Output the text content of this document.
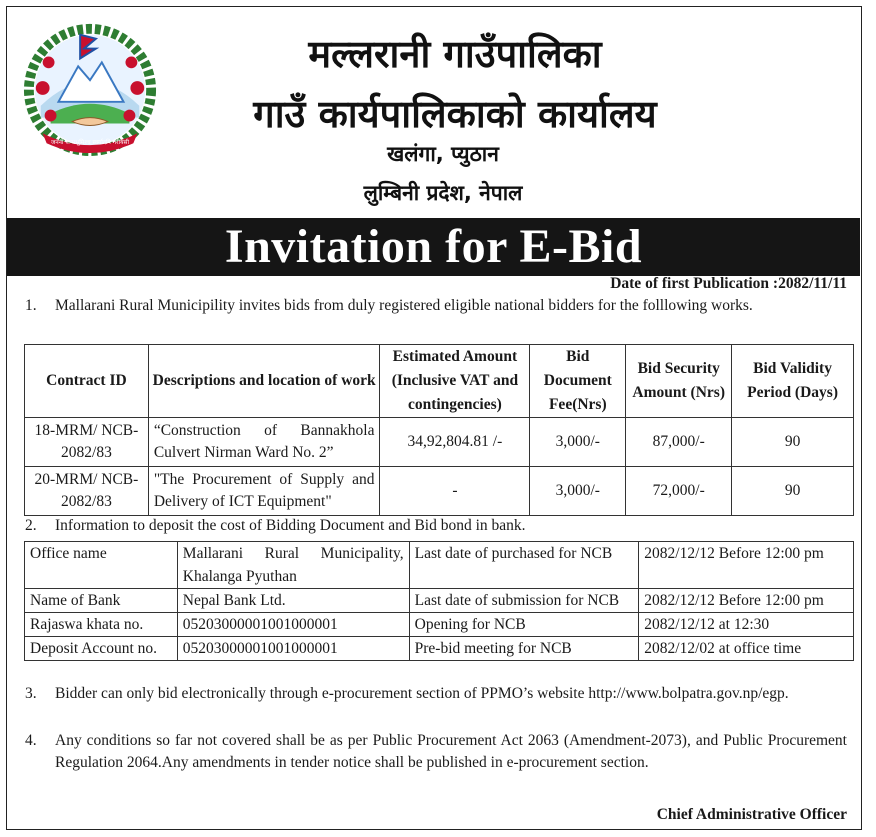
जननी जन्मभूमिश्च स्वर्गादपि गरीयसी
मल्लरानी गाउँपालिका
गाउँ कार्यपालिकाको कार्यालय
खलंगा, प्युठान
लुम्बिनी प्रदेश, नेपाल
Invitation for E-Bid
Date of first Publication :2082/11/11
1. Mallarani Rural Municipility invites bids from duly registered eligible national bidders for the folllowing works.
Contract ID	Descriptions and location of work	Estimated Amount (Inclusive VAT and contingencies)	Bid Document Fee(Nrs)	Bid Security Amount (Nrs)	Bid Validity Period (Days)
18-MRM/ NCB-2082/83	“Construction of Bannakhola Culvert Nirman Ward No. 2”	34,92,804.81 /-	3,000/-	87,000/-	90
20-MRM/ NCB-2082/83	"The Procurement of Supply and Delivery of ICT Equipment"	-	3,000/-	72,000/-	90
2. Information to deposit the cost of Bidding Document and Bid bond in bank.
Office name	Mallarani Rural Municipality, Khalanga Pyuthan	Last date of purchased for NCB	2082/12/12 Before 12:00 pm
Name of Bank	Nepal Bank Ltd.	Last date of submission for NCB	2082/12/12 Before 12:00 pm
Rajaswa khata no.	05203000001001000001	Opening for NCB	2082/12/12 at 12:30
Deposit Account no.	05203000001001000001	Pre-bid meeting for NCB	2082/12/02 at office time
3. Bidder can only bid electronically through e-procurement section of PPMO’s website http://www.bolpatra.gov.np/egp.
4. Any conditions so far not covered shall be as per Public Procurement Act 2063 (Amendment-2073), and Public Procurement Regulation 2064.Any amendments in tender notice shall be published in e-procurement section.
Chief Administrative Officer
